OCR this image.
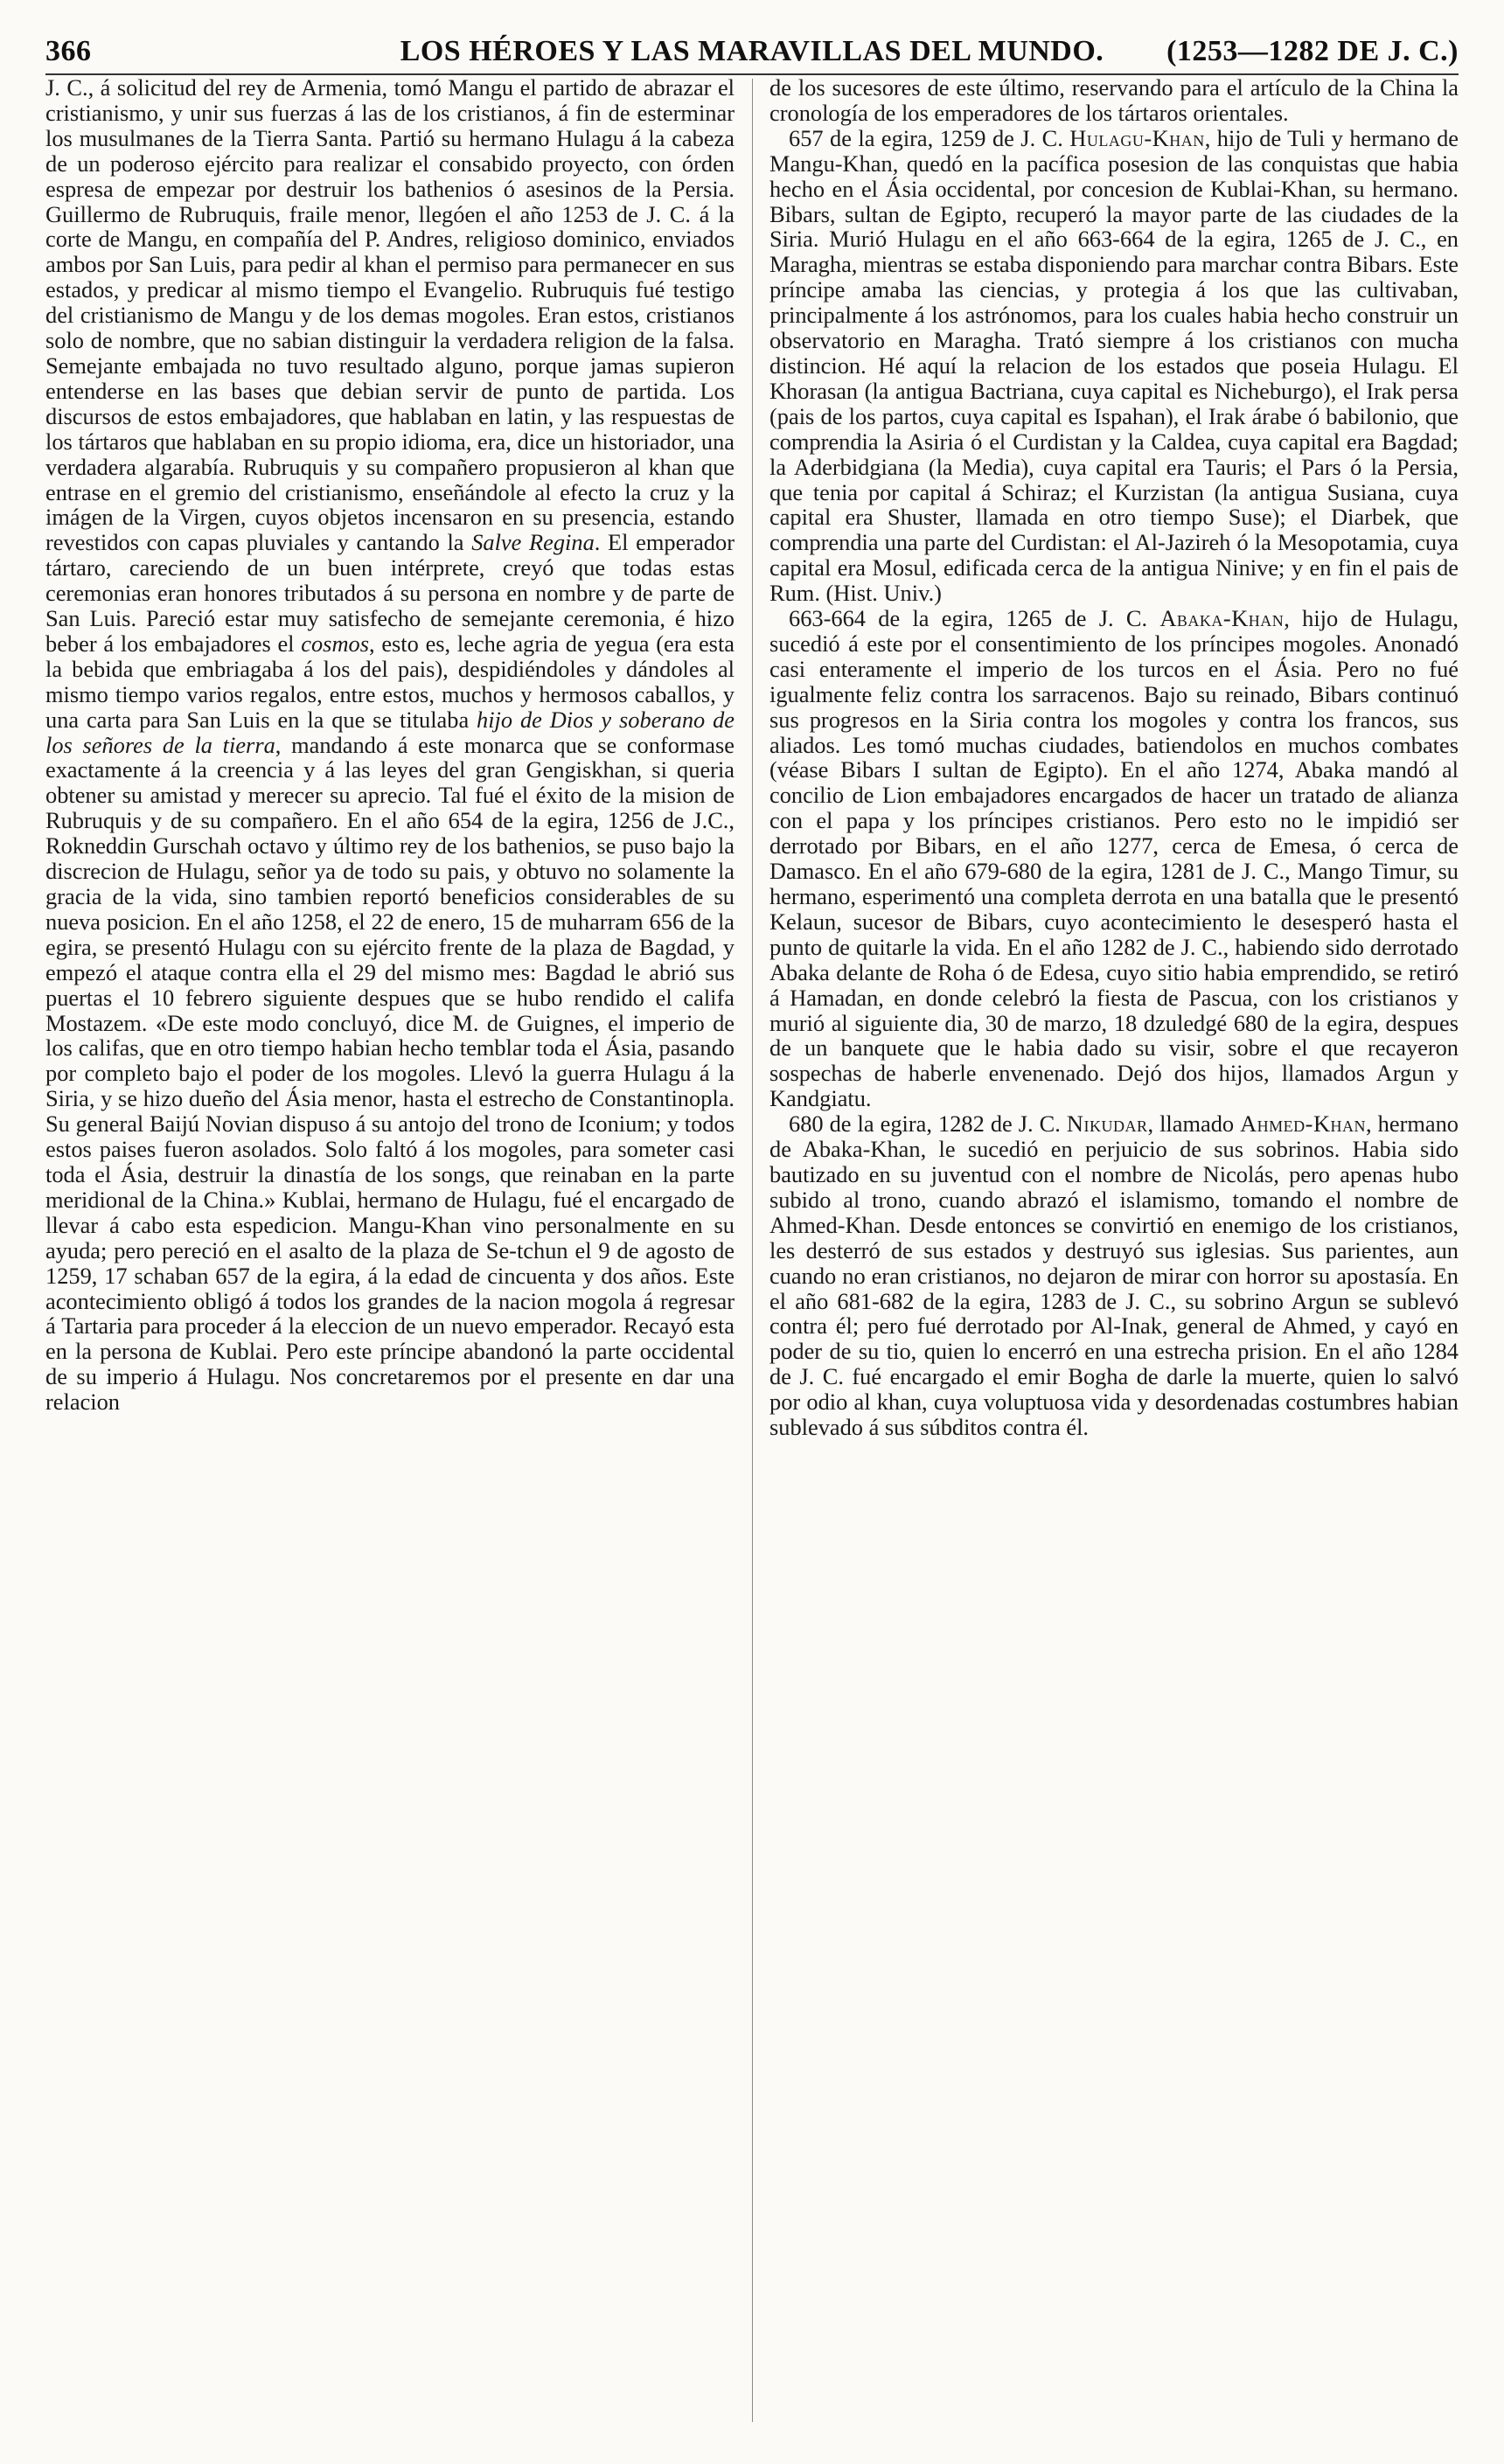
366	LOS HÉROES Y LAS MARAVILLAS DEL MUNDO.	(1253—1282 DE J. C.)

J. C., á solicitud del rey de Armenia, tomó Mangu el partido de abrazar el cristianismo, y unir sus fuerzas á las de los cristianos, á fin de esterminar los musulmanes de la Tierra Santa. Partió su hermano Hulagu á la cabeza de un poderoso ejército para realizar el consabido proyecto, con órden espresa de empezar por destruir los bathenios ó asesinos de la Persia. Guillermo de Rubruquis, fraile menor, llegóen el año 1253 de J. C. á la corte de Mangu, en compañía del P. Andres, religioso dominico, enviados ambos por San Luis, para pedir al khan el permiso para permanecer en sus estados, y predicar al mismo tiempo el Evangelio. Rubruquis fué testigo del cristianismo de Mangu y de los demas mogoles. Eran estos, cristianos solo de nombre, que no sabian distinguir la verdadera religion de la falsa. Semejante embajada no tuvo resultado alguno, porque jamas supieron entenderse en las bases que debian servir de punto de partida. Los discursos de estos embajadores, que hablaban en latin, y las respuestas de los tártaros que hablaban en su propio idioma, era, dice un historiador, una verdadera algarabía. Rubruquis y su compañero propusieron al khan que entrase en el gremio del cristianismo, enseñándole al efecto la cruz y la imágen de la Virgen, cuyos objetos incensaron en su presencia, estando revestidos con capas pluviales y cantando la Salve Regina. El emperador tártaro, careciendo de un buen intérprete, creyó que todas estas ceremonias eran honores tributados á su persona en nombre y de parte de San Luis. Pareció estar muy satisfecho de semejante ceremonia, é hizo beber á los embajadores el cosmos, esto es, leche agria de yegua (era esta la bebida que embriagaba á los del pais), despidiéndoles y dándoles al mismo tiempo varios regalos, entre estos, muchos y hermosos caballos, y una carta para San Luis en la que se titulaba hijo de Dios y soberano de los señores de la tierra, mandando á este monarca que se conformase exactamente á la creencia y á las leyes del gran Gengiskhan, si queria obtener su amistad y merecer su aprecio. Tal fué el éxito de la mision de Rubruquis y de su compañero. En el año 654 de la egira, 1256 de J.C., Rokneddin Gurschah octavo y último rey de los bathenios, se puso bajo la discrecion de Hulagu, señor ya de todo su pais, y obtuvo no solamente la gracia de la vida, sino tambien reportó beneficios considerables de su nueva posicion. En el año 1258, el 22 de enero, 15 de muharram 656 de la egira, se presentó Hulagu con su ejército frente de la plaza de Bagdad, y empezó el ataque contra ella el 29 del mismo mes: Bagdad le abrió sus puertas el 10 febrero siguiente despues que se hubo rendido el califa Mostazem. «De este modo concluyó, dice M. de Guignes, el imperio de los califas, que en otro tiempo habian hecho temblar toda el Ásia, pasando por completo bajo el poder de los mogoles. Llevó la guerra Hulagu á la Siria, y se hizo dueño del Ásia menor, hasta el estrecho de Constantinopla. Su general Baijú Novian dispuso á su antojo del trono de Iconium; y todos estos paises fueron asolados. Solo faltó á los mogoles, para someter casi toda el Ásia, destruir la dinastía de los songs, que reinaban en la parte meridional de la China.» Kublai, hermano de Hulagu, fué el encargado de llevar á cabo esta espedicion. Mangu-Khan vino personalmente en su ayuda; pero pereció en el asalto de la plaza de Se-tchun el 9 de agosto de 1259, 17 schaban 657 de la egira, á la edad de cincuenta y dos años. Este acontecimiento obligó á todos los grandes de la nacion mogola á regresar á Tartaria para proceder á la eleccion de un nuevo emperador. Recayó esta en la persona de Kublai. Pero este príncipe abandonó la parte occidental de su imperio á Hulagu. Nos concretaremos por el presente en dar una relacion

de los sucesores de este último, reservando para el artículo de la China la cronología de los emperadores de los tártaros orientales.

657 de la egira, 1259 de J. C. Hulagu-Khan, hijo de Tuli y hermano de Mangu-Khan, quedó en la pacífica posesion de las conquistas que habia hecho en el Ásia occidental, por concesion de Kublai-Khan, su hermano. Bibars, sultan de Egipto, recuperó la mayor parte de las ciudades de la Siria. Murió Hulagu en el año 663-664 de la egira, 1265 de J. C., en Maragha, mientras se estaba disponiendo para marchar contra Bibars. Este príncipe amaba las ciencias, y protegia á los que las cultivaban, principalmente á los astrónomos, para los cuales habia hecho construir un observatorio en Maragha. Trató siempre á los cristianos con mucha distincion. Hé aquí la relacion de los estados que poseia Hulagu. El Khorasan (la antigua Bactriana, cuya capital es Nicheburgo), el Irak persa (pais de los partos, cuya capital es Ispahan), el Irak árabe ó babilonio, que comprendia la Asiria ó el Curdistan y la Caldea, cuya capital era Bagdad; la Aderbidgiana (la Media), cuya capital era Tauris; el Pars ó la Persia, que tenia por capital á Schiraz; el Kurzistan (la antigua Susiana, cuya capital era Shuster, llamada en otro tiempo Suse); el Diarbek, que comprendia una parte del Curdistan: el Al-Jazireh ó la Mesopotamia, cuya capital era Mosul, edificada cerca de la antigua Ninive; y en fin el pais de Rum. (Hist. Univ.)

663-664 de la egira, 1265 de J. C. Abaka-Khan, hijo de Hulagu, sucedió á este por el consentimiento de los príncipes mogoles. Anonadó casi enteramente el imperio de los turcos en el Ásia. Pero no fué igualmente feliz contra los sarracenos. Bajo su reinado, Bibars continuó sus progresos en la Siria contra los mogoles y contra los francos, sus aliados. Les tomó muchas ciudades, batiendolos en muchos combates (véase Bibars I sultan de Egipto). En el año 1274, Abaka mandó al concilio de Lion embajadores encargados de hacer un tratado de alianza con el papa y los príncipes cristianos. Pero esto no le impidió ser derrotado por Bibars, en el año 1277, cerca de Emesa, ó cerca de Damasco. En el año 679-680 de la egira, 1281 de J. C., Mango Timur, su hermano, esperimentó una completa derrota en una batalla que le presentó Kelaun, sucesor de Bibars, cuyo acontecimiento le desesperó hasta el punto de quitarle la vida. En el año 1282 de J. C., habiendo sido derrotado Abaka delante de Roha ó de Edesa, cuyo sitio habia emprendido, se retiró á Hamadan, en donde celebró la fiesta de Pascua, con los cristianos y murió al siguiente dia, 30 de marzo, 18 dzuledgé 680 de la egira, despues de un banquete que le habia dado su visir, sobre el que recayeron sospechas de haberle envenenado. Dejó dos hijos, llamados Argun y Kandgiatu.

680 de la egira, 1282 de J. C. Nikudar, llamado Ahmed-Khan, hermano de Abaka-Khan, le sucedió en perjuicio de sus sobrinos. Habia sido bautizado en su juventud con el nombre de Nicolás, pero apenas hubo subido al trono, cuando abrazó el islamismo, tomando el nombre de Ahmed-Khan. Desde entonces se convirtió en enemigo de los cristianos, les desterró de sus estados y destruyó sus iglesias. Sus parientes, aun cuando no eran cristianos, no dejaron de mirar con horror su apostasía. En el año 681-682 de la egira, 1283 de J. C., su sobrino Argun se sublevó contra él; pero fué derrotado por Al-Inak, general de Ahmed, y cayó en poder de su tio, quien lo encerró en una estrecha prision. En el año 1284 de J. C. fué encargado el emir Bogha de darle la muerte, quien lo salvó por odio al khan, cuya voluptuosa vida y desordenadas costumbres habian sublevado á sus súbditos contra él.
